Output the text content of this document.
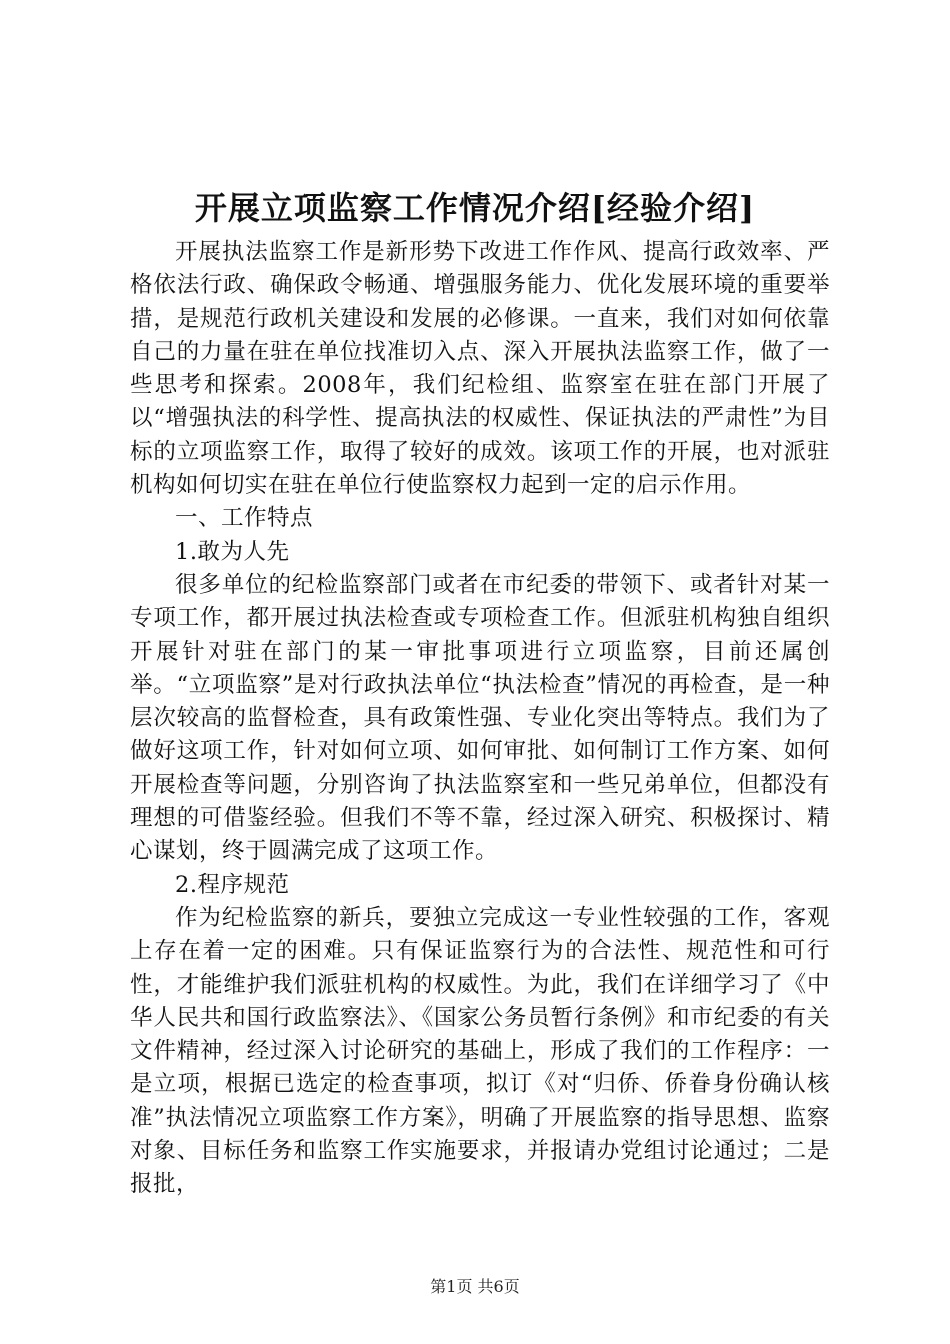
开展立项监察工作情况介绍[经验介绍]

开展执法监察工作是新形势下改进工作作风、提高行政效率、严格依法行政、确保政令畅通、增强服务能力、优化发展环境的重要举措，是规范行政机关建设和发展的必修课。一直来，我们对如何依靠自己的力量在驻在单位找准切入点、深入开展执法监察工作，做了一些思考和探索。2008年，我们纪检组、监察室在驻在部门开展了以“增强执法的科学性、提高执法的权威性、保证执法的严肃性”为目标的立项监察工作，取得了较好的成效。该项工作的开展，也对派驻机构如何切实在驻在单位行使监察权力起到一定的启示作用。

一、工作特点

1.敢为人先

很多单位的纪检监察部门或者在市纪委的带领下、或者针对某一专项工作，都开展过执法检查或专项检查工作。但派驻机构独自组织开展针对驻在部门的某一审批事项进行立项监察，目前还属创举。“立项监察”是对行政执法单位“执法检查”情况的再检查，是一种层次较高的监督检查，具有政策性强、专业化突出等特点。我们为了做好这项工作，针对如何立项、如何审批、如何制订工作方案、如何开展检查等问题，分别咨询了执法监察室和一些兄弟单位，但都没有理想的可借鉴经验。但我们不等不靠，经过深入研究、积极探讨、精心谋划，终于圆满完成了这项工作。

2.程序规范

作为纪检监察的新兵，要独立完成这一专业性较强的工作，客观上存在着一定的困难。只有保证监察行为的合法性、规范性和可行性，才能维护我们派驻机构的权威性。为此，我们在详细学习了《中华人民共和国行政监察法》、《国家公务员暂行条例》和市纪委的有关文件精神，经过深入讨论研究的基础上，形成了我们的工作程序：一是立项，根据已选定的检查事项，拟订《对“归侨、侨眷身份确认核准”执法情况立项监察工作方案》，明确了开展监察的指导思想、监察对象、目标任务和监察工作实施要求，并报请办党组讨论通过；二是报批，

第1页 共6页
